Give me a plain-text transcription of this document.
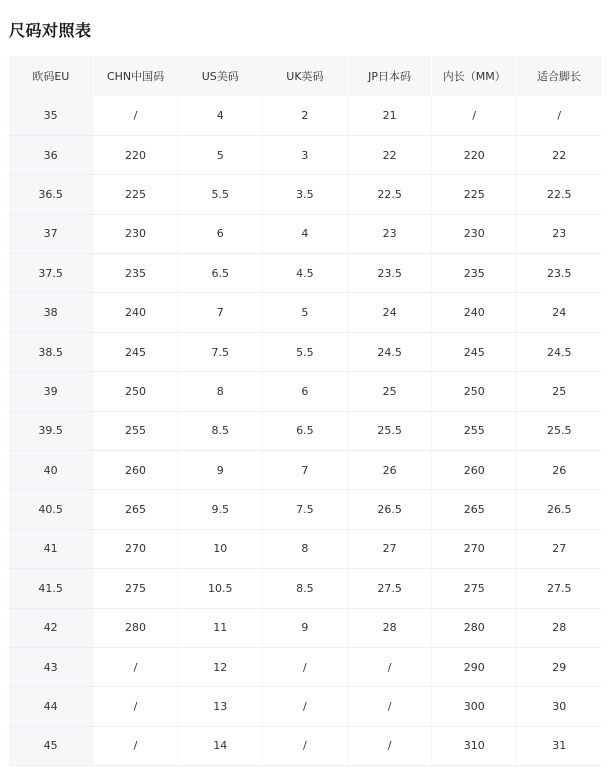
尺码对照表
欧码EU	CHN中国码	US美码	UK英码	JP日本码	内长（MM）	适合脚长
35	/	4	2	21	/	/
36	220	5	3	22	220	22
36.5	225	5.5	3.5	22.5	225	22.5
37	230	6	4	23	230	23
37.5	235	6.5	4.5	23.5	235	23.5
38	240	7	5	24	240	24
38.5	245	7.5	5.5	24.5	245	24.5
39	250	8	6	25	250	25
39.5	255	8.5	6.5	25.5	255	25.5
40	260	9	7	26	260	26
40.5	265	9.5	7.5	26.5	265	26.5
41	270	10	8	27	270	27
41.5	275	10.5	8.5	27.5	275	27.5
42	280	11	9	28	280	28
43	/	12	/	/	290	29
44	/	13	/	/	300	30
45	/	14	/	/	310	31
